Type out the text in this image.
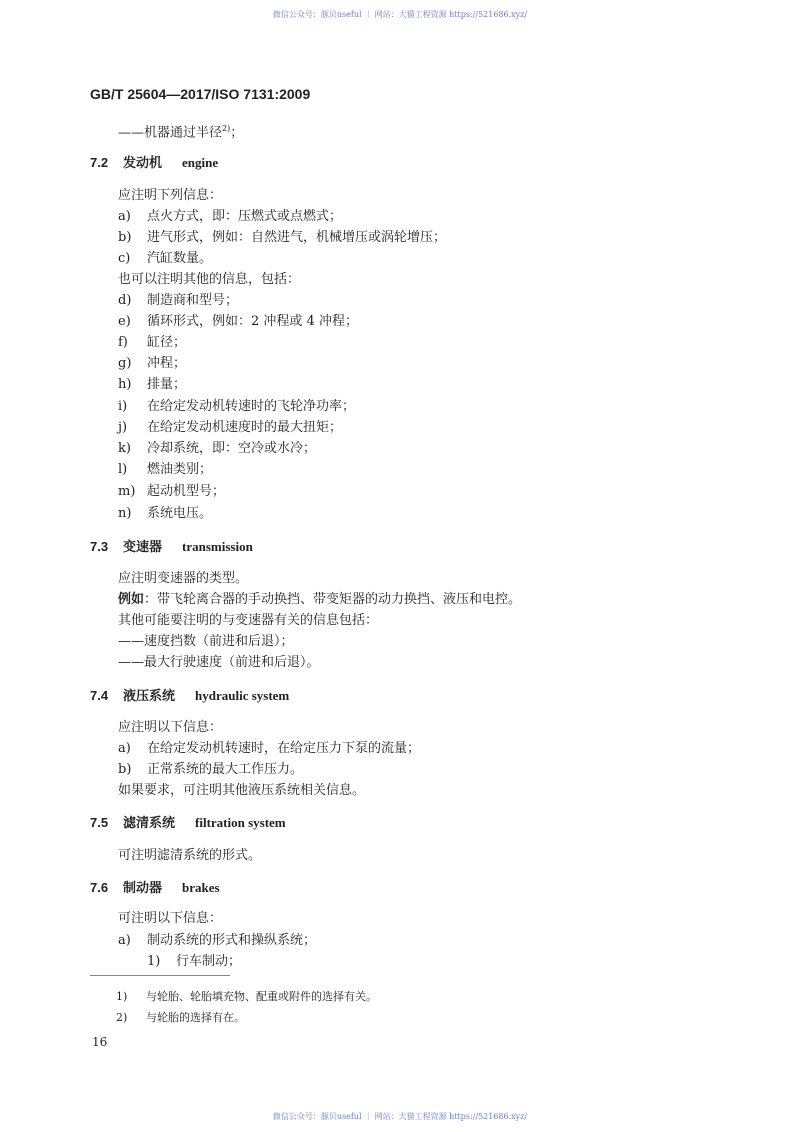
微信公众号：豚贝useful ｜ 网站：大猫工程资源 https://521686.xyz/
GB/T 25604—2017/ISO 7131:2009
——机器通过半径$^{2)}$；
7.2 发动机 engine
应注明下列信息：
a) 点火方式，即：压燃式或点燃式；
b) 进气形式，例如：自然进气，机械增压或涡轮增压；
c) 汽缸数量。
也可以注明其他的信息，包括：
d) 制造商和型号；
e) 循环形式，例如：2 冲程或 4 冲程；
f) 缸径；
g) 冲程；
h) 排量；
i) 在给定发动机转速时的飞轮净功率；
j) 在给定发动机速度时的最大扭矩；
k) 冷却系统，即：空冷或水冷；
l) 燃油类别；
m) 起动机型号；
n) 系统电压。
7.3 变速器 transmission
应注明变速器的类型。
例如：带飞轮离合器的手动换挡、带变矩器的动力换挡、液压和电控。
其他可能要注明的与变速器有关的信息包括：
——速度挡数（前进和后退）；
——最大行驶速度（前进和后退）。
7.4 液压系统 hydraulic system
应注明以下信息：
a) 在给定发动机转速时，在给定压力下泵的流量；
b) 正常系统的最大工作压力。
如果要求，可注明其他液压系统相关信息。
7.5 滤清系统 filtration system
可注明滤清系统的形式。
7.6 制动器 brakes
可注明以下信息：
a) 制动系统的形式和操纵系统；
1) 行车制动；
1) 与轮胎、轮胎填充物、配重或附件的选择有关。
2) 与轮胎的选择有在。
16
微信公众号：豚贝useful ｜ 网站：大猫工程资源 https://521686.xyz/
